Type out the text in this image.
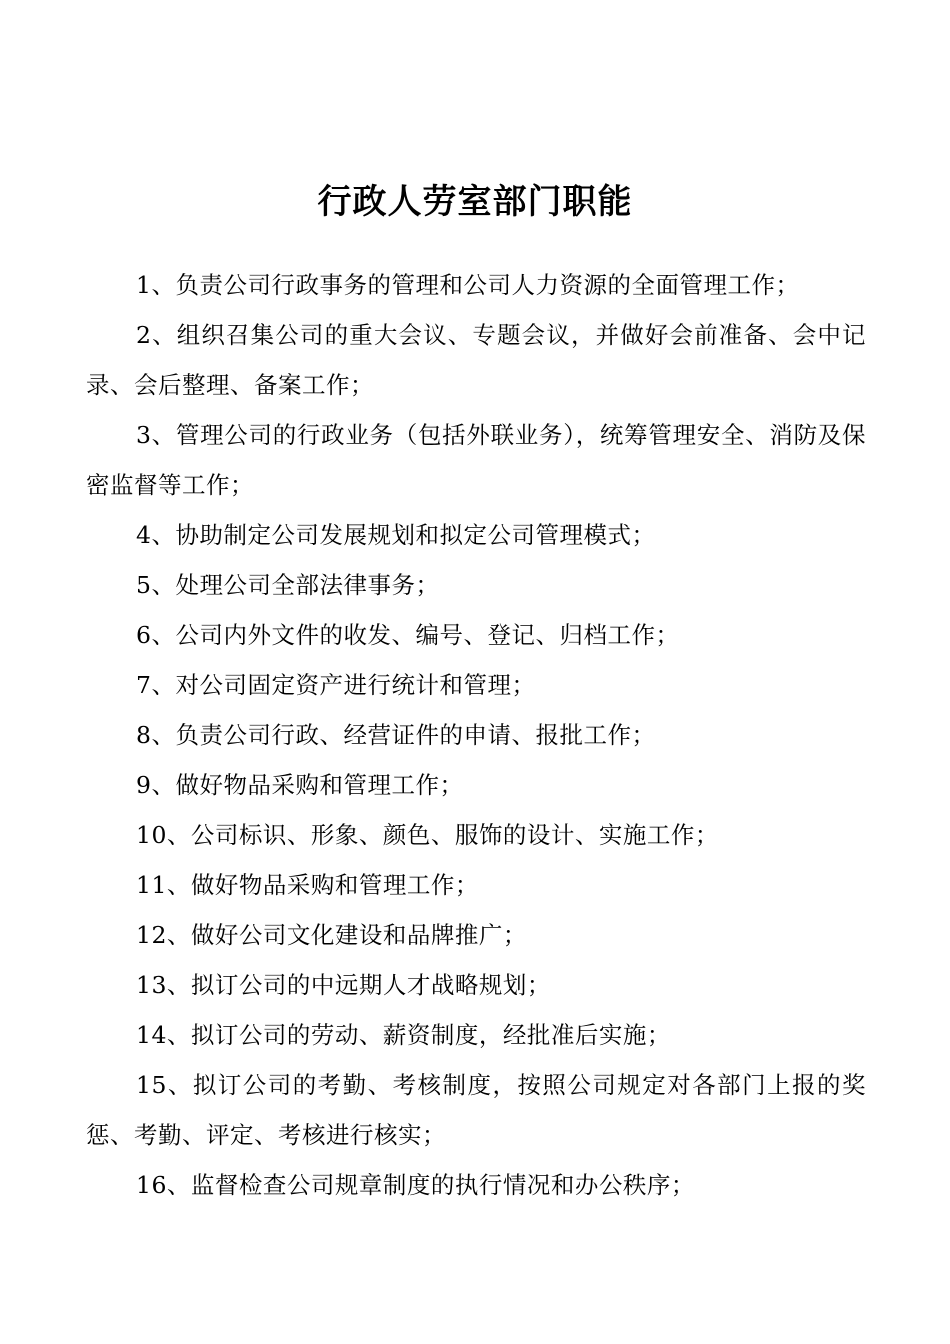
行政人劳室部门职能

1、负责公司行政事务的管理和公司人力资源的全面管理工作；

2、组织召集公司的重大会议、专题会议，并做好会前准备、会中记录、会后整理、备案工作；

3、管理公司的行政业务（包括外联业务），统筹管理安全、消防及保密监督等工作；

4、协助制定公司发展规划和拟定公司管理模式；

5、处理公司全部法律事务；

6、公司内外文件的收发、编号、登记、归档工作；

7、对公司固定资产进行统计和管理；

8、负责公司行政、经营证件的申请、报批工作；

9、做好物品采购和管理工作；

10、公司标识、形象、颜色、服饰的设计、实施工作；

11、做好物品采购和管理工作；

12、做好公司文化建设和品牌推广；

13、拟订公司的中远期人才战略规划；

14、拟订公司的劳动、薪资制度，经批准后实施；

15、拟订公司的考勤、考核制度，按照公司规定对各部门上报的奖惩、考勤、评定、考核进行核实；

16、监督检查公司规章制度的执行情况和办公秩序；
